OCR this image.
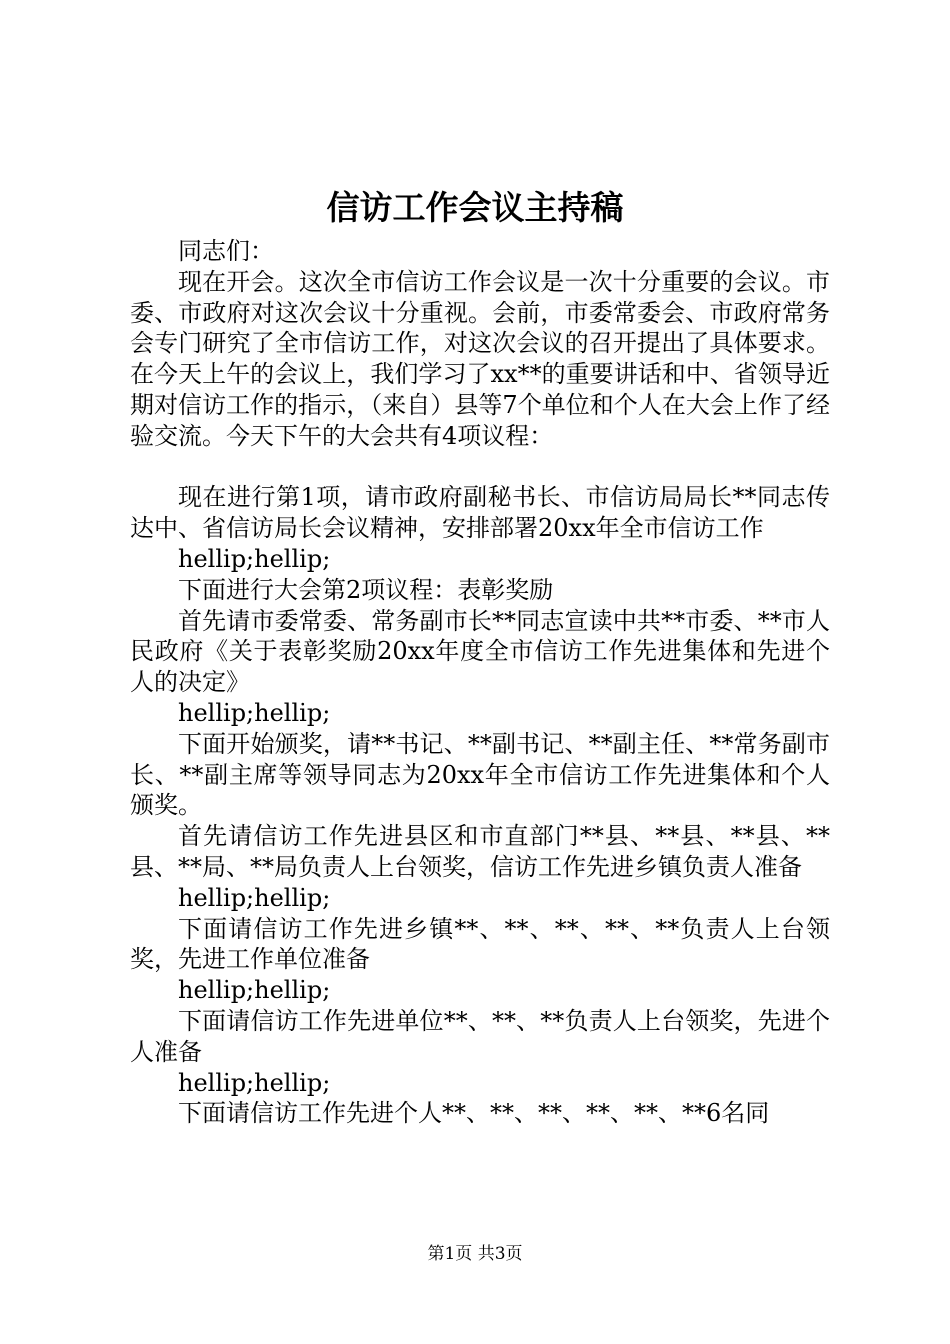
信访工作会议主持稿

同志们：

现在开会。这次全市信访工作会议是一次十分重要的会议。市委、市政府对这次会议十分重视。会前，市委常委会、市政府常务会专门研究了全市信访工作，对这次会议的召开提出了具体要求。在今天上午的会议上，我们学习了xx**的重要讲话和中、省领导近期对信访工作的指示，（来自）县等7个单位和个人在大会上作了经验交流。今天下午的大会共有4项议程：

现在进行第1项，请市政府副秘书长、市信访局局长**同志传达中、省信访局长会议精神，安排部署20xx年全市信访工作

hellip;hellip;

下面进行大会第2项议程：表彰奖励

首先请市委常委、常务副市长**同志宣读中共**市委、**市人民政府《关于表彰奖励20xx年度全市信访工作先进集体和先进个人的决定》

hellip;hellip;

下面开始颁奖，请**书记、**副书记、**副主任、**常务副市长、**副主席等领导同志为20xx年全市信访工作先进集体和个人颁奖。

首先请信访工作先进县区和市直部门**县、**县、**县、**县、**局、**局负责人上台领奖，信访工作先进乡镇负责人准备

hellip;hellip;

下面请信访工作先进乡镇**、**、**、**、**负责人上台领奖，先进工作单位准备

hellip;hellip;

下面请信访工作先进单位**、**、**负责人上台领奖，先进个人准备

hellip;hellip;

下面请信访工作先进个人**、**、**、**、**、**6名同

第1页 共3页
